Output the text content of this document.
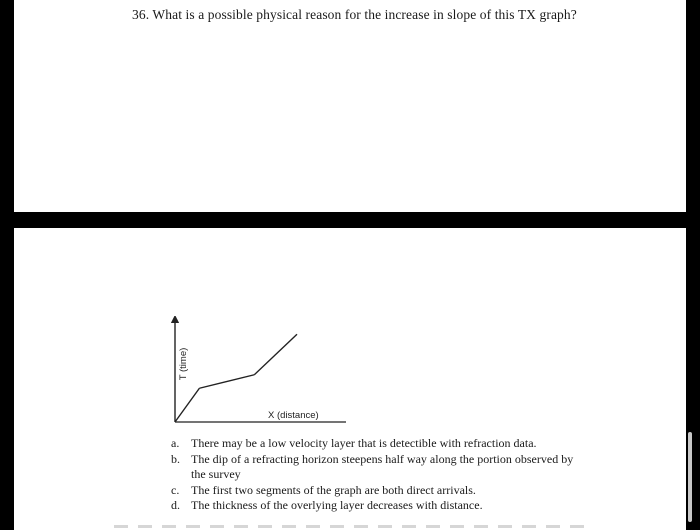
36. What is a possible physical reason for the increase in slope of this TX graph?
T (time)
X (distance)
a. There may be a low velocity layer that is detectible with refraction data.
b. The dip of a refracting horizon steepens half way along the portion observed by the survey
c. The first two segments of the graph are both direct arrivals.
d. The thickness of the overlying layer decreases with distance.
